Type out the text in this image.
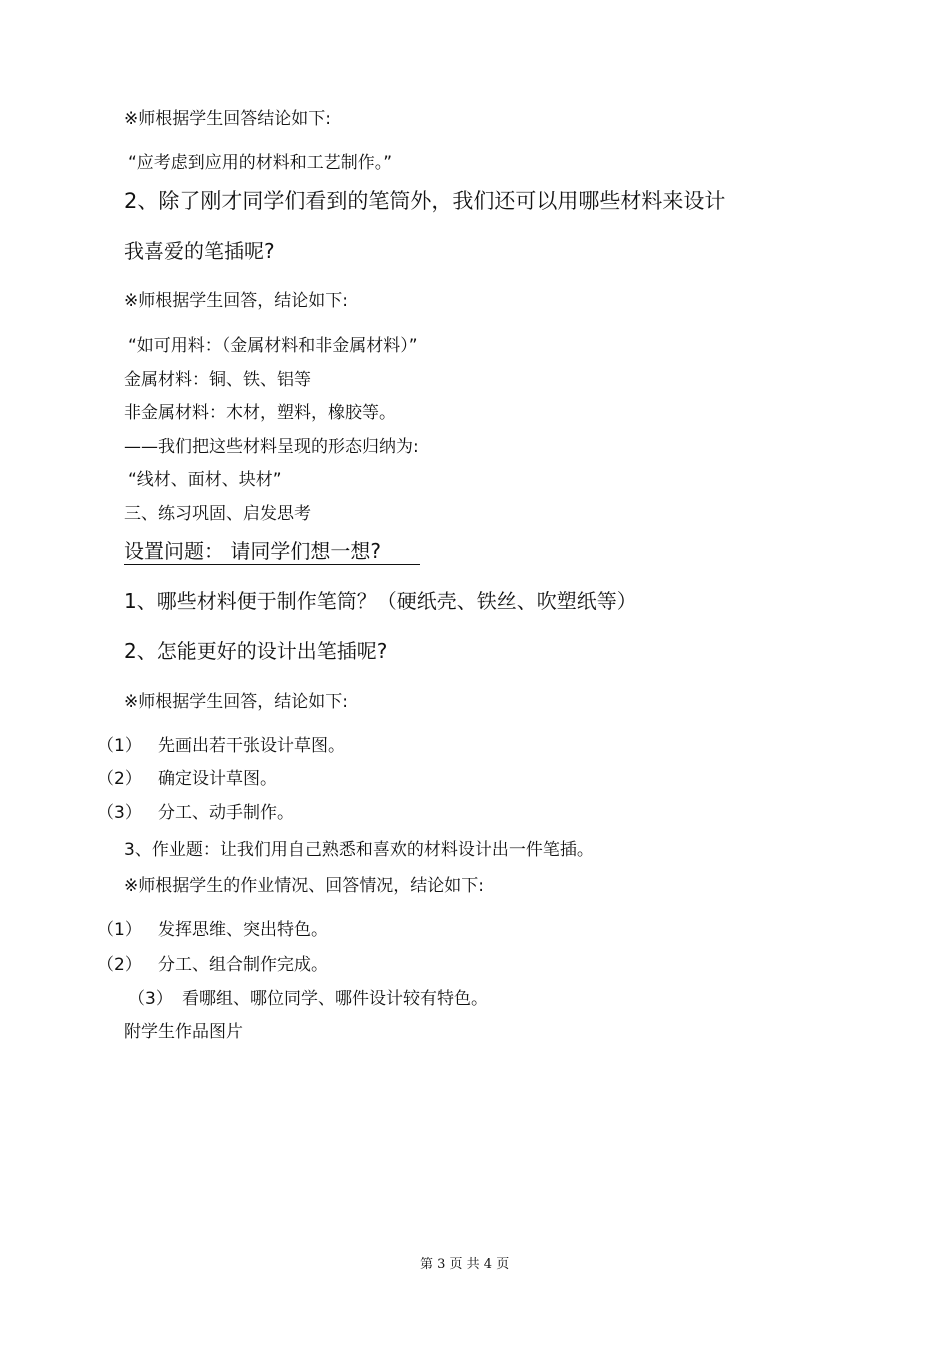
※师根据学生回答结论如下:
“应考虑到应用的材料和工艺制作。”
2、除了刚才同学们看到的笔筒外，我们还可以用哪些材料来设计
我喜爱的笔插呢?
※师根据学生回答，结论如下:
“如可用料：（金属材料和非金属材料）”
金属材料：铜、铁、铝等
非金属材料：木材，塑料，橡胶等。
——我们把这些材料呈现的形态归纳为:
“线材、面材、块材”
三、练习巩固、启发思考
设置问题： 请同学们想一想?
1、哪些材料便于制作笔筒？（硬纸壳、铁丝、吹塑纸等）
2、怎能更好的设计出笔插呢?
※师根据学生回答，结论如下:
（1） 先画出若干张设计草图。
（2） 确定设计草图。
（3） 分工、动手制作。
3、作业题：让我们用自己熟悉和喜欢的材料设计出一件笔插。
※师根据学生的作业情况、回答情况，结论如下:
（1） 发挥思维、突出特色。
（2） 分工、组合制作完成。
（3） 看哪组、哪位同学、哪件设计较有特色。
附学生作品图片
第 3 页 共 4 页
